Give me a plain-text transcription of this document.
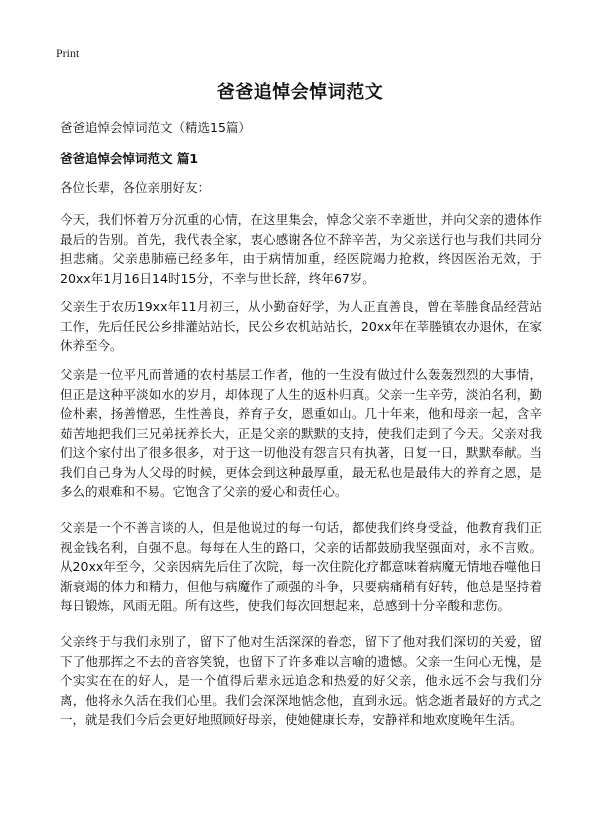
Print
爸爸追悼会悼词范文

爸爸追悼会悼词范文（精选15篇）

爸爸追悼会悼词范文 篇1

各位长辈，各位亲朋好友：

今天，我们怀着万分沉重的心情，在这里集会，悼念父亲不幸逝世，并向父亲的遗体作最后的告别。首先，我代表全家，衷心感谢各位不辞辛苦，为父亲送行也与我们共同分担悲痛。父亲患肺癌已经多年，由于病情加重，经医院竭力抢救，终因医治无效，于 20xx年1月16日14时15分，不幸与世长辞，终年67岁。

父亲生于农历19xx年11月初三，从小勤奋好学，为人正直善良，曾在莘塍食品经营站工作，先后任民公乡排灌站站长，民公乡农机站站长，20xx年在莘塍镇农办退休，在家休养至今。

父亲是一位平凡而普通的农村基层工作者，他的一生没有做过什么轰轰烈烈的大事情，但正是这种平淡如水的岁月，却体现了人生的返朴归真。父亲一生辛劳，淡泊名利，勤俭朴素，扬善憎恶，生性善良，养育子女，恩重如山。几十年来，他和母亲一起，含辛茹苦地把我们三兄弟抚养长大，正是父亲的默默的支持，使我们走到了今天。父亲对我们这个家付出了很多很多，对于这一切他没有怨言只有执著，日复一日，默默奉献。当我们自己身为人父母的时候，更体会到这种最厚重，最无私也是最伟大的养育之恩，是多么的艰难和不易。它饱含了父亲的爱心和责任心。

父亲是一个不善言谈的人，但是他说过的每一句话，都使我们终身受益，他教育我们正视金钱名利，自强不息。每每在人生的路口，父亲的话都鼓励我坚强面对，永不言败。从20xx年至今，父亲因病先后住了次院，每一次住院化疗都意味着病魔无情地吞噬他日渐衰竭的体力和精力，但他与病魔作了顽强的斗争，只要病痛稍有好转，他总是坚持着每日锻炼，风雨无阻。所有这些，使我们每次回想起来，总感到十分辛酸和悲伤。

父亲终于与我们永别了，留下了他对生活深深的眷恋，留下了他对我们深切的关爱，留下了他那挥之不去的音容笑貌，也留下了许多难以言喻的遗憾。父亲一生问心无愧，是个实实在在的好人，是一个值得后辈永远追念和热爱的好父亲，他永远不会与我们分离，他将永久活在我们心里。我们会深深地惦念他，直到永远。惦念逝者最好的方式之一，就是我们今后会更好地照顾好母亲，使她健康长寿，安静祥和地欢度晚年生活。
